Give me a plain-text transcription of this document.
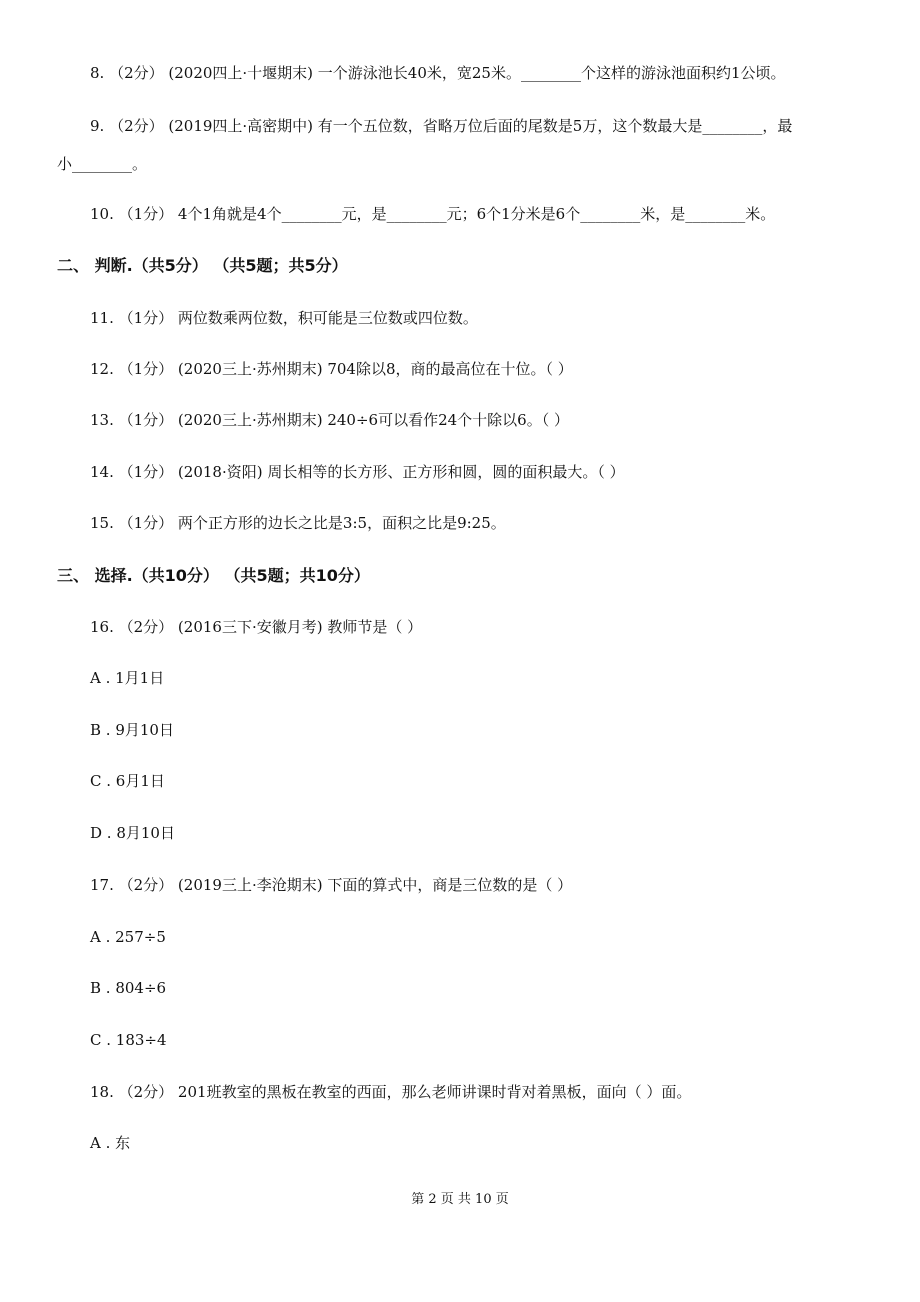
8. （2分） (2020四上·十堰期末) 一个游泳池长40米，宽25米。________个这样的游泳池面积约1公顷。
9. （2分） (2019四上·高密期中) 有一个五位数，省略万位后面的尾数是5万，这个数最大是________，最
小________。
10. （1分） 4个1角就是4个________元，是________元；6个1分米是6个________米，是________米。
二、 判断.（共5分） （共5题；共5分）
11. （1分） 两位数乘两位数，积可能是三位数或四位数。
12. （1分） (2020三上·苏州期末) 704除以8，商的最高位在十位。（ ）
13. （1分） (2020三上·苏州期末) 240÷6可以看作24个十除以6。（ ）
14. （1分） (2018·资阳) 周长相等的长方形、正方形和圆，圆的面积最大。（ ）
15. （1分） 两个正方形的边长之比是3:5，面积之比是9:25。
三、 选择.（共10分） （共5题；共10分）
16. （2分） (2016三下·安徽月考) 教师节是（ ）
A . 1月1日
B . 9月10日
C . 6月1日
D . 8月10日
17. （2分） (2019三上·李沧期末) 下面的算式中，商是三位数的是（ ）
A . 257÷5
B . 804÷6
C . 183÷4
18. （2分） 201班教室的黑板在教室的西面，那么老师讲课时背对着黑板，面向（ ）面。
A . 东
第 2 页 共 10 页
